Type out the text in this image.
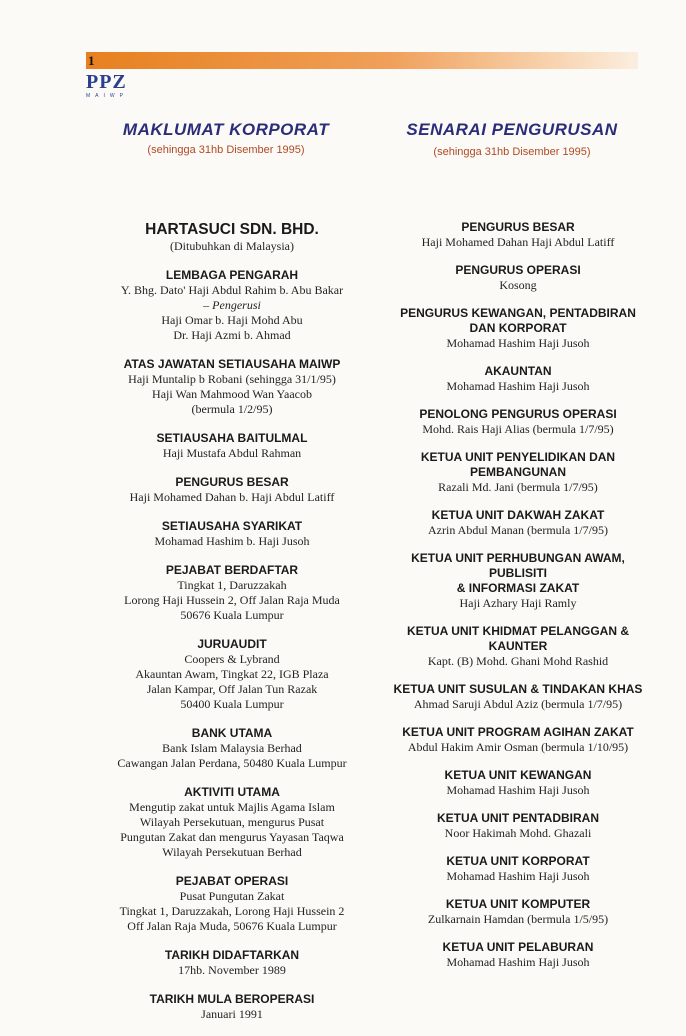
1
PPZ
MAIWP
MAKLUMAT KORPORAT
(sehingga 31hb Disember 1995)
SENARAI PENGURUSAN
(sehingga 31hb Disember 1995)
HARTASUCI SDN. BHD.
(Ditubuhkan di Malaysia)
LEMBAGA PENGARAH
Y. Bhg. Dato' Haji Abdul Rahim b. Abu Bakar
– Pengerusi
Haji Omar b. Haji Mohd Abu
Dr. Haji Azmi b. Ahmad
ATAS JAWATAN SETIAUSAHA MAIWP
Haji Muntalip b Robani (sehingga 31/1/95)
Haji Wan Mahmood Wan Yaacob
(bermula 1/2/95)
SETIAUSAHA BAITULMAL
Haji Mustafa Abdul Rahman
PENGURUS BESAR
Haji Mohamed Dahan b. Haji Abdul Latiff
SETIAUSAHA SYARIKAT
Mohamad Hashim b. Haji Jusoh
PEJABAT BERDAFTAR
Tingkat 1, Daruzzakah
Lorong Haji Hussein 2, Off Jalan Raja Muda
50676 Kuala Lumpur
JURUAUDIT
Coopers & Lybrand
Akauntan Awam, Tingkat 22, IGB Plaza
Jalan Kampar, Off Jalan Tun Razak
50400 Kuala Lumpur
BANK UTAMA
Bank Islam Malaysia Berhad
Cawangan Jalan Perdana, 50480 Kuala Lumpur
AKTIVITI UTAMA
Mengutip zakat untuk Majlis Agama Islam
Wilayah Persekutuan, mengurus Pusat
Pungutan Zakat dan mengurus Yayasan Taqwa
Wilayah Persekutuan Berhad
PEJABAT OPERASI
Pusat Pungutan Zakat
Tingkat 1, Daruzzakah, Lorong Haji Hussein 2
Off Jalan Raja Muda, 50676 Kuala Lumpur
TARIKH DIDAFTARKAN
17hb. November 1989
TARIKH MULA BEROPERASI
Januari 1991
PENGURUS BESAR
Haji Mohamed Dahan Haji Abdul Latiff
PENGURUS OPERASI
Kosong
PENGURUS KEWANGAN, PENTADBIRAN
DAN KORPORAT
Mohamad Hashim Haji Jusoh
AKAUNTAN
Mohamad Hashim Haji Jusoh
PENOLONG PENGURUS OPERASI
Mohd. Rais Haji Alias (bermula 1/7/95)
KETUA UNIT PENYELIDIKAN DAN
PEMBANGUNAN
Razali Md. Jani (bermula 1/7/95)
KETUA UNIT DAKWAH ZAKAT
Azrin Abdul Manan (bermula 1/7/95)
KETUA UNIT PERHUBUNGAN AWAM,
PUBLISITI
& INFORMASI ZAKAT
Haji Azhary Haji Ramly
KETUA UNIT KHIDMAT PELANGGAN &
KAUNTER
Kapt. (B) Mohd. Ghani Mohd Rashid
KETUA UNIT SUSULAN & TINDAKAN KHAS
Ahmad Saruji Abdul Aziz (bermula 1/7/95)
KETUA UNIT PROGRAM AGIHAN ZAKAT
Abdul Hakim Amir Osman (bermula 1/10/95)
KETUA UNIT KEWANGAN
Mohamad Hashim Haji Jusoh
KETUA UNIT PENTADBIRAN
Noor Hakimah Mohd. Ghazali
KETUA UNIT KORPORAT
Mohamad Hashim Haji Jusoh
KETUA UNIT KOMPUTER
Zulkarnain Hamdan (bermula 1/5/95)
KETUA UNIT PELABURAN
Mohamad Hashim Haji Jusoh
